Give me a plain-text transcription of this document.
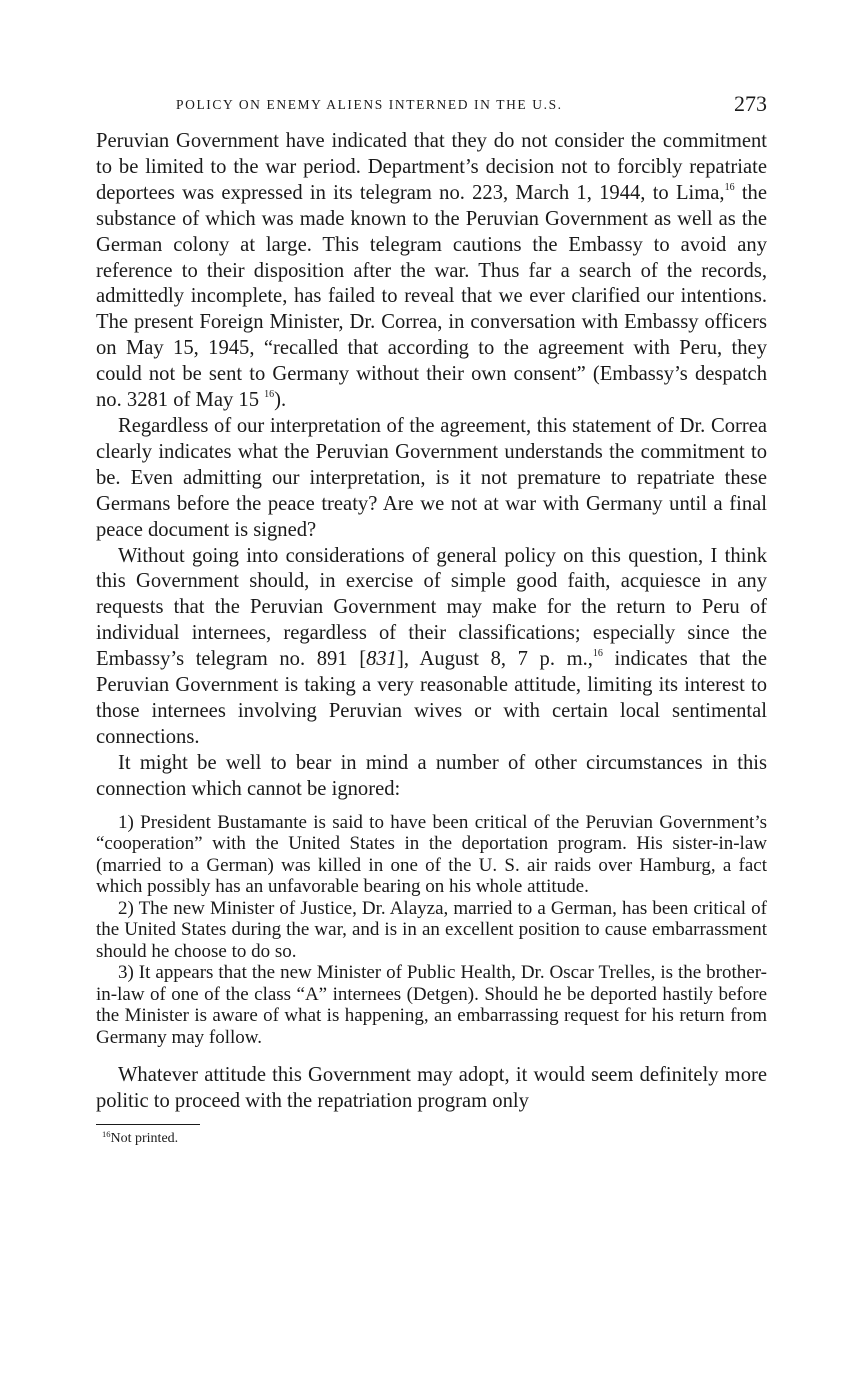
POLICY ON ENEMY ALIENS INTERNED IN THE U.S.	273

Peruvian Government have indicated that they do not consider the commitment to be limited to the war period. Department’s decision not to forcibly repatriate deportees was expressed in its telegram no. 223, March 1, 1944, to Lima,$^{16}$ the substance of which was made known to the Peruvian Government as well as the German colony at large. This telegram cautions the Embassy to avoid any reference to their disposition after the war. Thus far a search of the records, admittedly incomplete, has failed to reveal that we ever clarified our intentions. The present Foreign Minister, Dr. Correa, in conversation with Embassy officers on May 15, 1945, “recalled that according to the agreement with Peru, they could not be sent to Germany without their own consent” (Embassy’s despatch no. 3281 of May 15 $^{16}$).

Regardless of our interpretation of the agreement, this statement of Dr. Correa clearly indicates what the Peruvian Government understands the commitment to be. Even admitting our interpretation, is it not premature to repatriate these Germans before the peace treaty? Are we not at war with Germany until a final peace document is signed?

Without going into considerations of general policy on this question, I think this Government should, in exercise of simple good faith, acquiesce in any requests that the Peruvian Government may make for the return to Peru of individual internees, regardless of their classifications; especially since the Embassy’s telegram no. 891 [831], August 8, 7 p. m.,$^{16}$ indicates that the Peruvian Government is taking a very reasonable attitude, limiting its interest to those internees involving Peruvian wives or with certain local sentimental connections.

It might be well to bear in mind a number of other circumstances in this connection which cannot be ignored:

1) President Bustamante is said to have been critical of the Peruvian Government’s “cooperation” with the United States in the deportation program. His sister-in-law (married to a German) was killed in one of the U. S. air raids over Hamburg, a fact which possibly has an unfavorable bearing on his whole attitude.

2) The new Minister of Justice, Dr. Alayza, married to a German, has been critical of the United States during the war, and is in an excellent position to cause embarrassment should he choose to do so.

3) It appears that the new Minister of Public Health, Dr. Oscar Trelles, is the brother-in-law of one of the class “A” internees (Detgen). Should he be deported hastily before the Minister is aware of what is happening, an embarrassing request for his return from Germany may follow.

Whatever attitude this Government may adopt, it would seem definitely more politic to proceed with the repatriation program only

$^{16}$Not printed.
